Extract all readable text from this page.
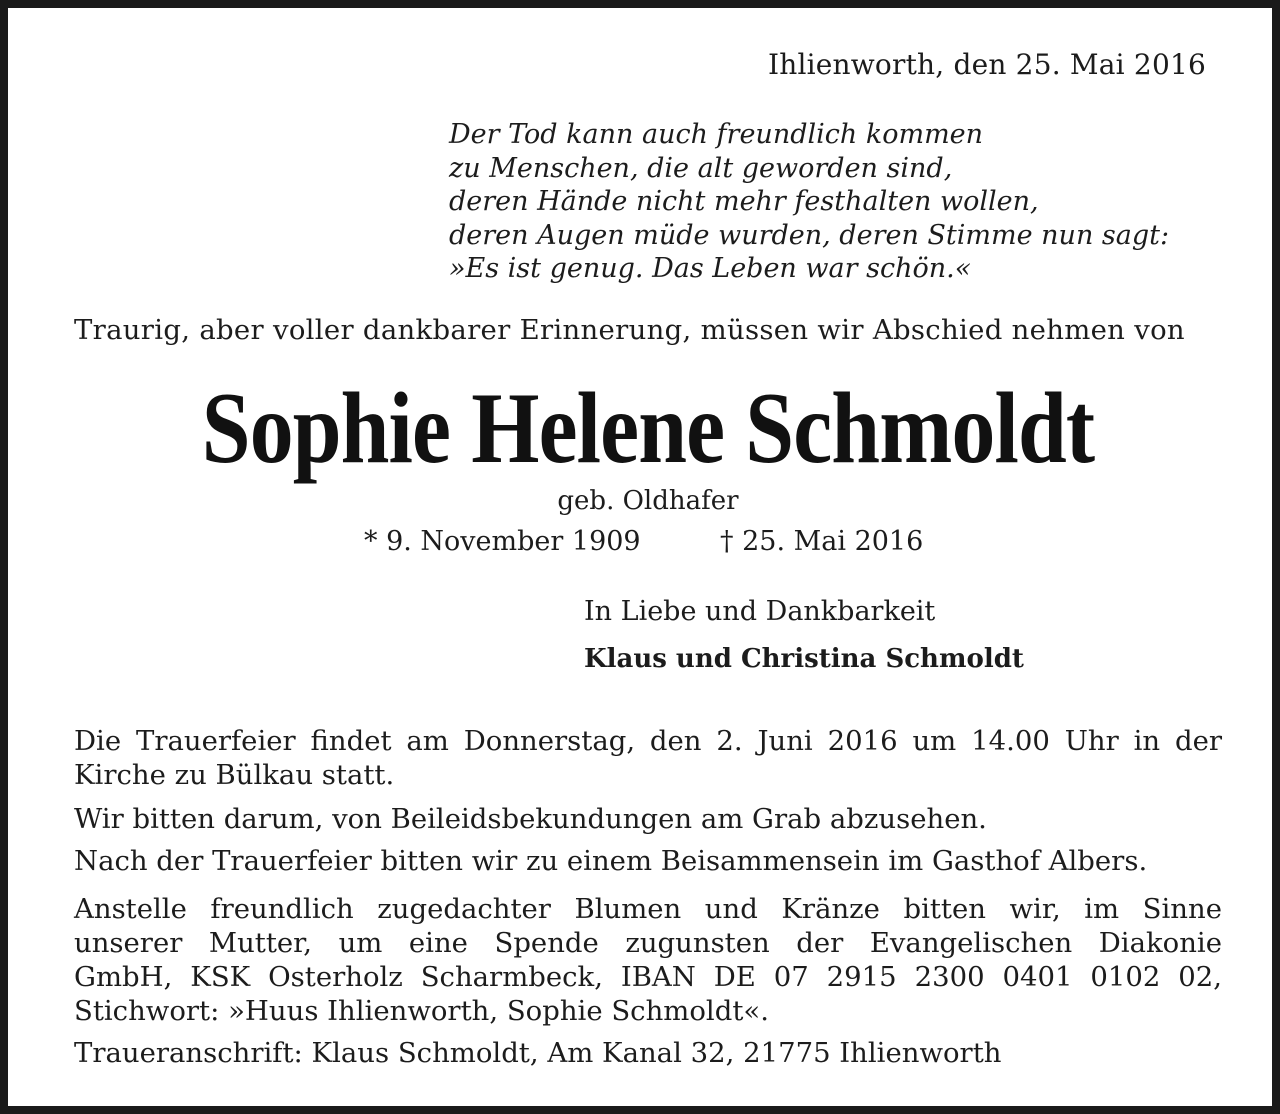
Ihlienworth, den 25. Mai 2016
Der Tod kann auch freundlich kommen
zu Menschen, die alt geworden sind,
deren Hände nicht mehr festhalten wollen,
deren Augen müde wurden, deren Stimme nun sagt:
»Es ist genug. Das Leben war schön.«
Traurig, aber voller dankbarer Erinnerung, müssen wir Abschied nehmen von
Sophie Helene Schmoldt
geb. Oldhafer
* 9. November 1909	† 25. Mai 2016
In Liebe und Dankbarkeit
Klaus und Christina Schmoldt
Die Trauerfeier findet am Donnerstag, den 2. Juni 2016 um 14.00 Uhr in der
Kirche zu Bülkau statt.
Wir bitten darum, von Beileidsbekundungen am Grab abzusehen.
Nach der Trauerfeier bitten wir zu einem Beisammensein im Gasthof Albers.
Anstelle freundlich zugedachter Blumen und Kränze bitten wir, im Sinne
unserer Mutter, um eine Spende zugunsten der Evangelischen Diakonie
GmbH, KSK Osterholz Scharmbeck, IBAN DE 07 2915 2300 0401 0102 02,
Stichwort: »Huus Ihlienworth, Sophie Schmoldt«.
Traueranschrift: Klaus Schmoldt, Am Kanal 32, 21775 Ihlienworth
